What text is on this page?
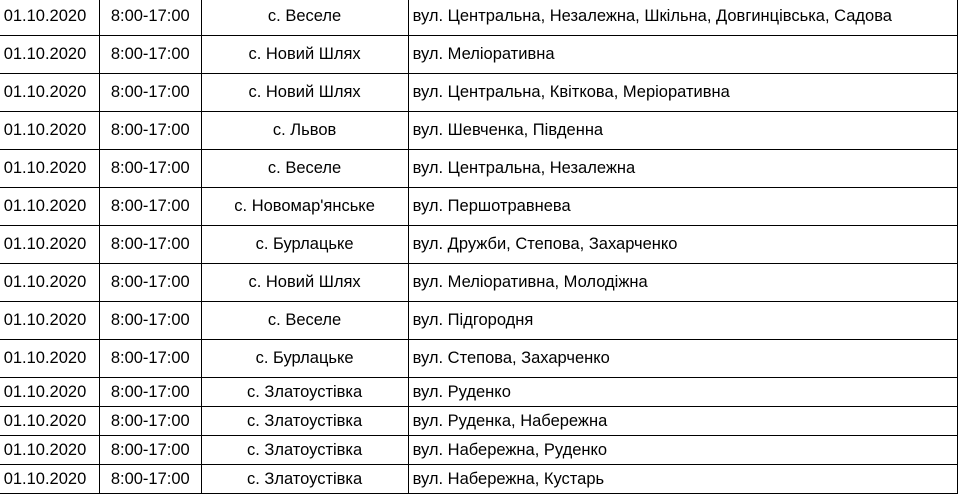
01.10.2020	8:00-17:00	с. Веселе	вул. Центральна, Незалежна, Шкільна, Довгинцівська, Садова
01.10.2020	8:00-17:00	с. Новий Шлях	вул. Меліоративна
01.10.2020	8:00-17:00	с. Новий Шлях	вул. Центральна, Квіткова, Меріоративна
01.10.2020	8:00-17:00	с. Львов	вул. Шевченка, Південна
01.10.2020	8:00-17:00	с. Веселе	вул. Центральна, Незалежна
01.10.2020	8:00-17:00	с. Новомар'янське	вул. Першотравнева
01.10.2020	8:00-17:00	с. Бурлацьке	вул. Дружби, Степова, Захарченко
01.10.2020	8:00-17:00	с. Новий Шлях	вул. Меліоративна, Молодіжна
01.10.2020	8:00-17:00	с. Веселе	вул. Підгородня
01.10.2020	8:00-17:00	с. Бурлацьке	вул. Степова, Захарченко
01.10.2020	8:00-17:00	с. Златоустівка	вул. Руденко
01.10.2020	8:00-17:00	с. Златоустівка	вул. Руденка, Набережна
01.10.2020	8:00-17:00	с. Златоустівка	вул. Набережна, Руденко
01.10.2020	8:00-17:00	с. Златоустівка	вул. Набережна, Кустарь
